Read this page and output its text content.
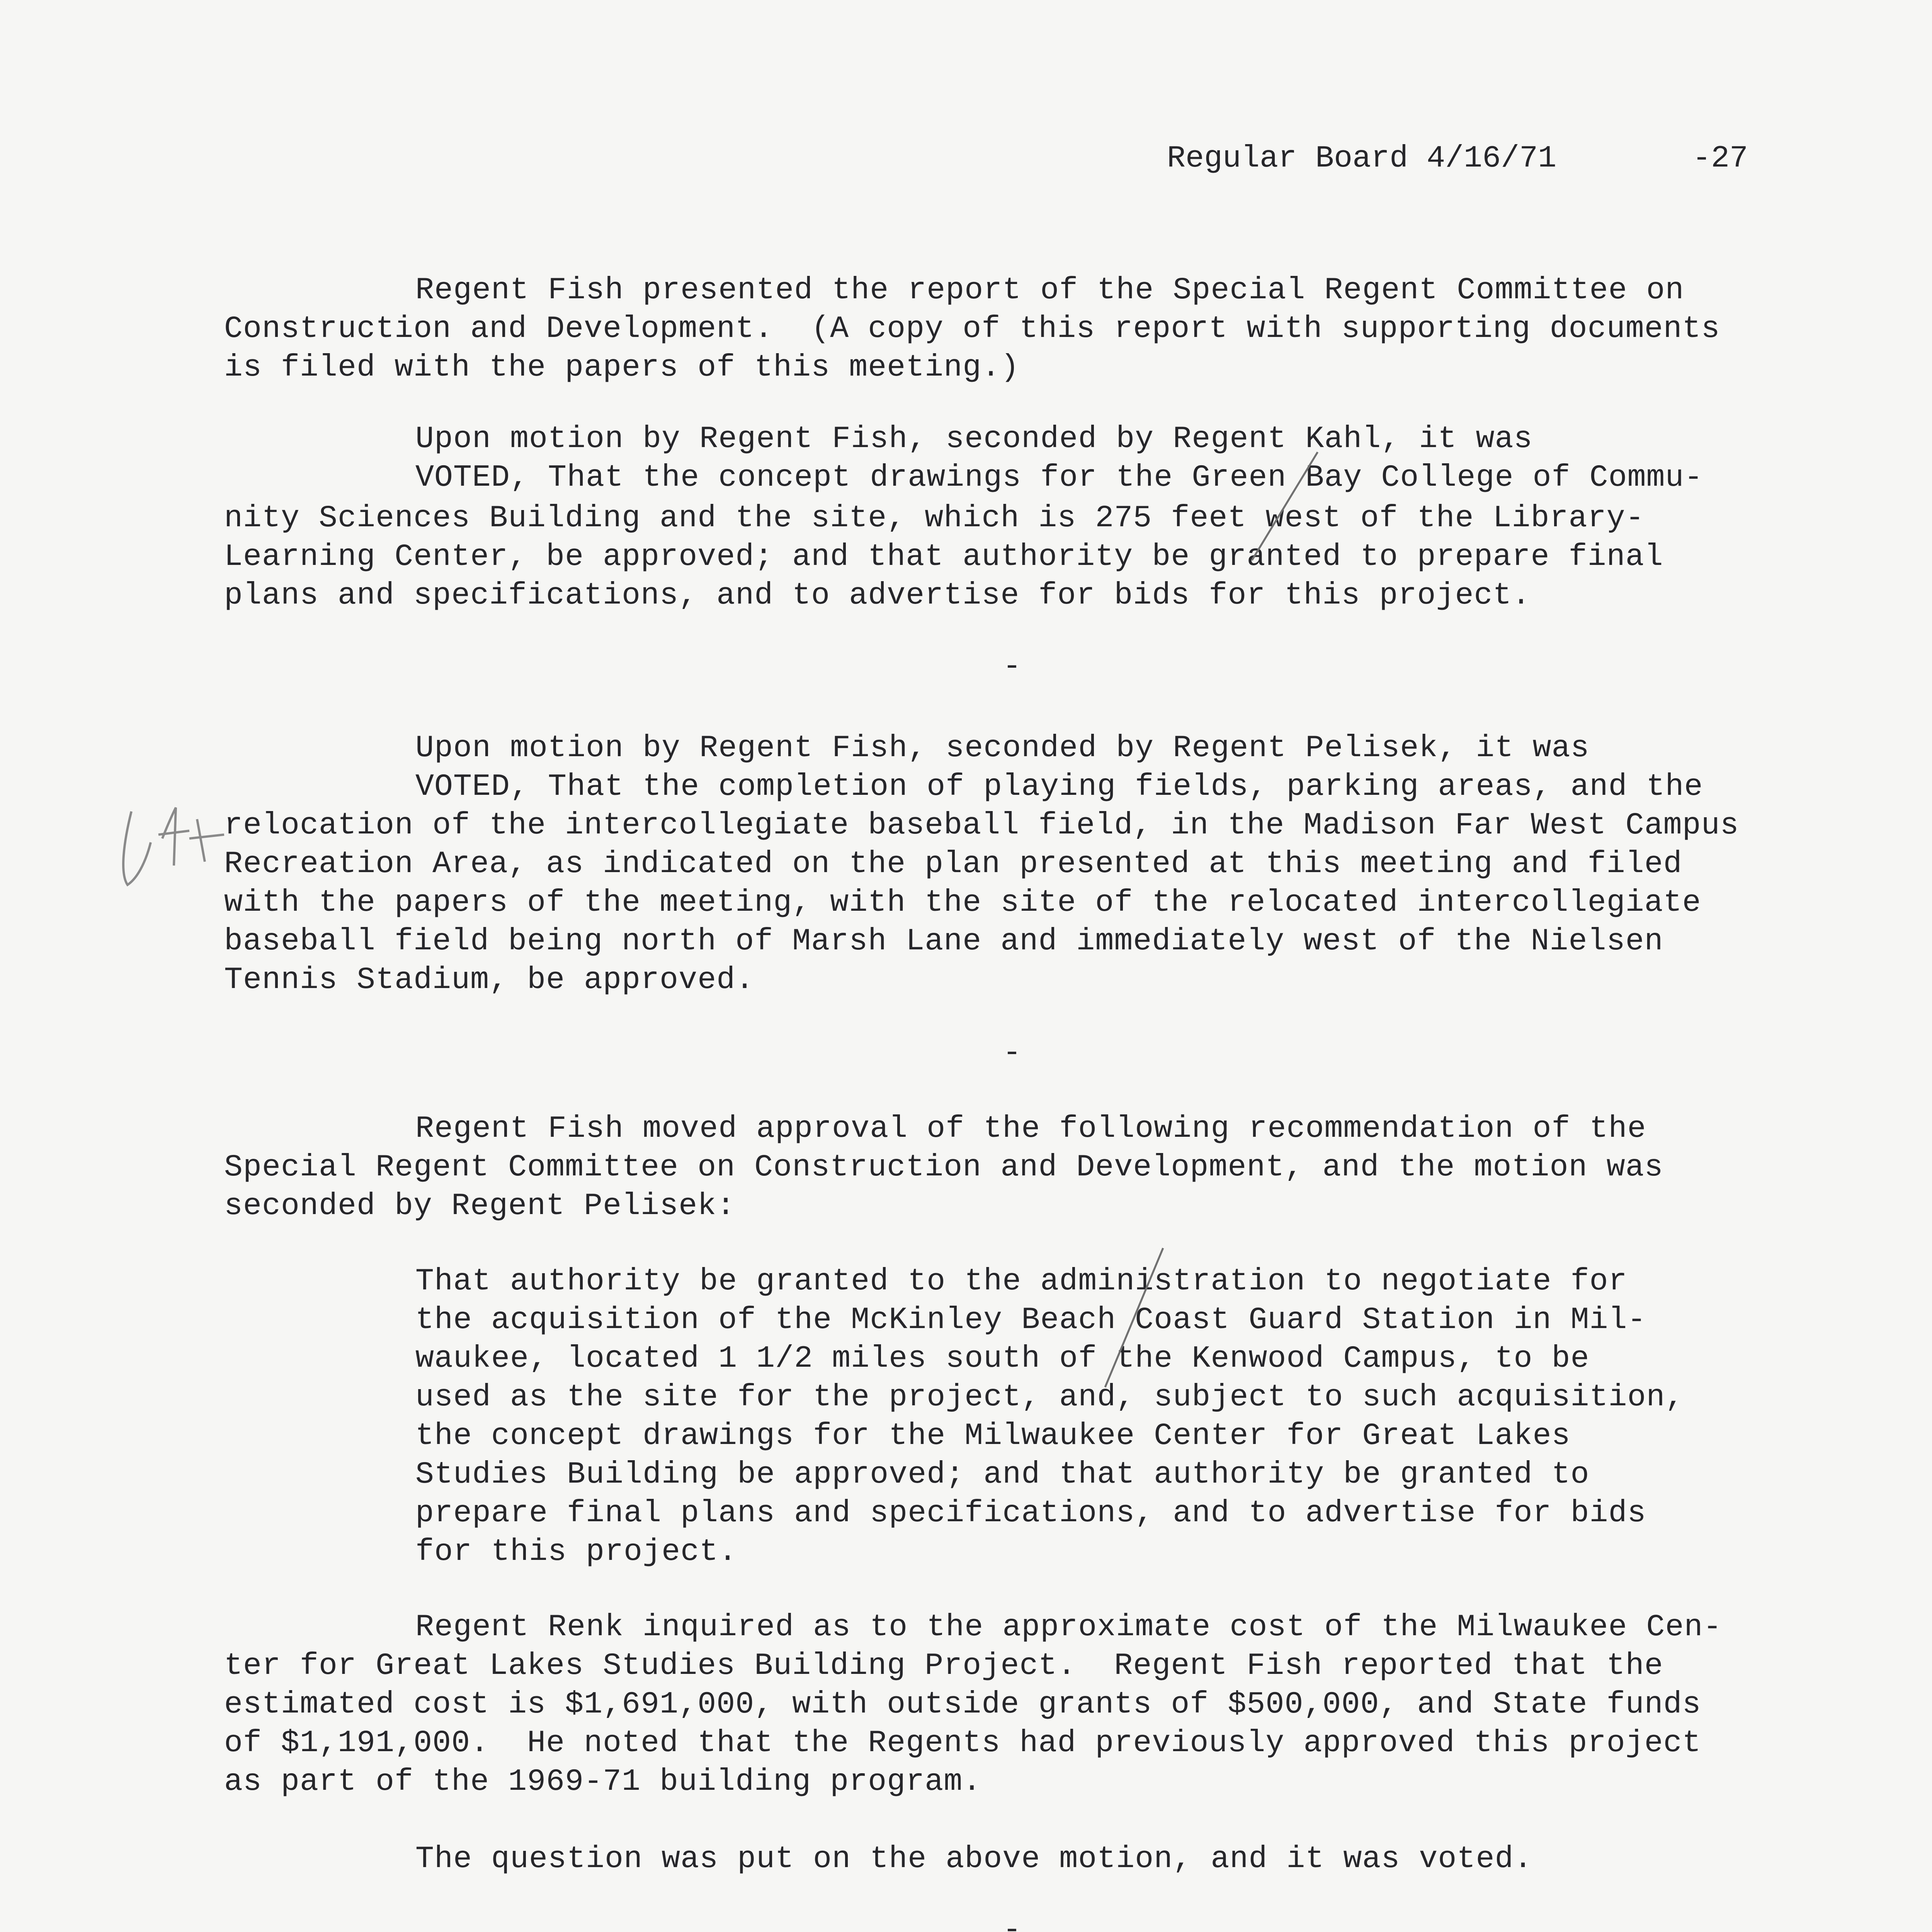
Regular Board 4/16/71	-27
Regent Fish presented the report of the Special Regent Committee on
Construction and Development.  (A copy of this report with supporting documents
is filed with the papers of this meeting.)
Upon motion by Regent Fish, seconded by Regent Kahl, it was
VOTED, That the concept drawings for the Green Bay College of Commu-
nity Sciences Building and the site, which is 275 feet west of the Library-
Learning Center, be approved; and that authority be granted to prepare final
plans and specifications, and to advertise for bids for this project.
-
Upon motion by Regent Fish, seconded by Regent Pelisek, it was
VOTED, That the completion of playing fields, parking areas, and the
relocation of the intercollegiate baseball field, in the Madison Far West Campus
Recreation Area, as indicated on the plan presented at this meeting and filed
with the papers of the meeting, with the site of the relocated intercollegiate
baseball field being north of Marsh Lane and immediately west of the Nielsen
Tennis Stadium, be approved.
-
Regent Fish moved approval of the following recommendation of the
Special Regent Committee on Construction and Development, and the motion was
seconded by Regent Pelisek:
That authority be granted to the administration to negotiate for
the acquisition of the McKinley Beach Coast Guard Station in Mil-
waukee, located 1 1/2 miles south of the Kenwood Campus, to be
used as the site for the project, and, subject to such acquisition,
the concept drawings for the Milwaukee Center for Great Lakes
Studies Building be approved; and that authority be granted to
prepare final plans and specifications, and to advertise for bids
for this project.
Regent Renk inquired as to the approximate cost of the Milwaukee Cen-
ter for Great Lakes Studies Building Project.  Regent Fish reported that the
estimated cost is $1,691,000, with outside grants of $500,000, and State funds
of $1,191,000.  He noted that the Regents had previously approved this project
as part of the 1969-71 building program.
The question was put on the above motion, and it was voted.
-
